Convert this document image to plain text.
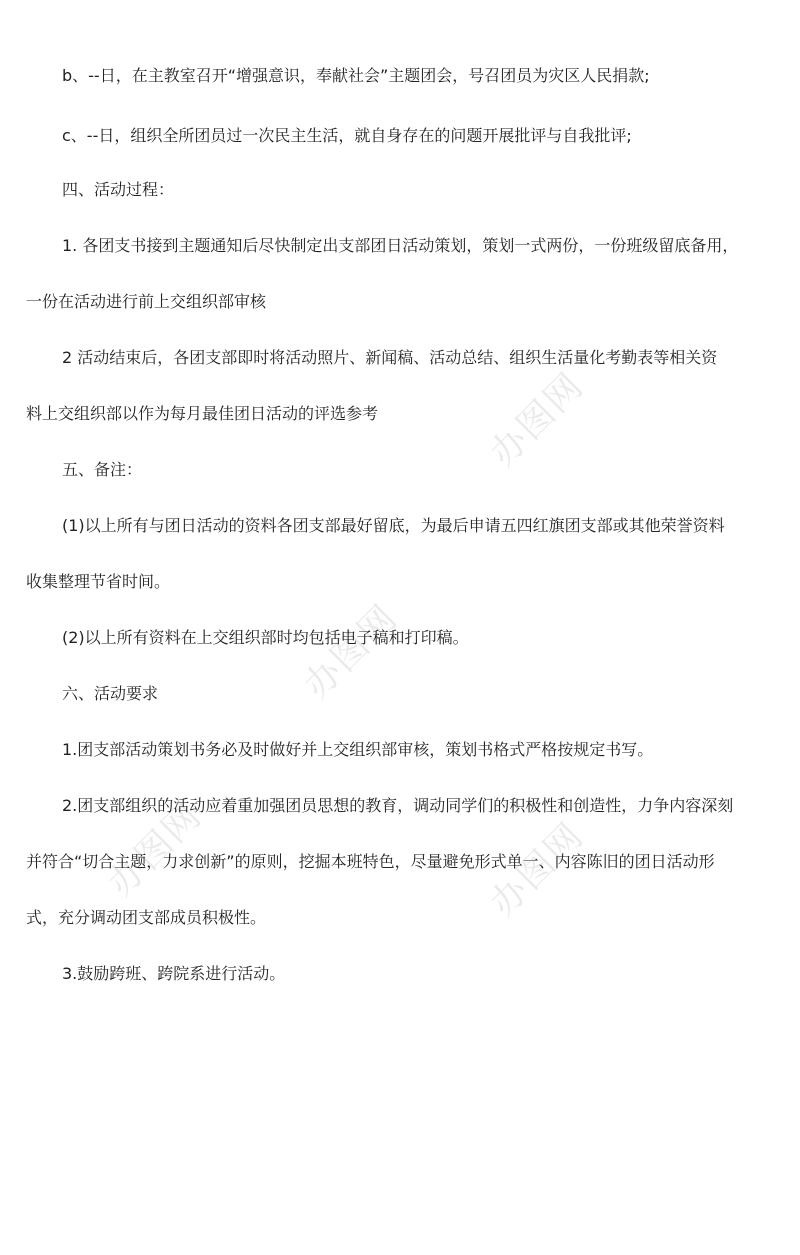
办图网
办图网
办图网	办图网
b、--日，在主教室召开“增强意识，奉献社会”主题团会，号召团员为灾区人民捐款;
c、--日，组织全所团员过一次民主生活，就自身存在的问题开展批评与自我批评;
四、活动过程：
1. 各团支书接到主题通知后尽快制定出支部团日活动策划，策划一式两份，一份班级留底备用，
一份在活动进行前上交组织部审核
2 活动结束后，各团支部即时将活动照片、新闻稿、活动总结、组织生活量化考勤表等相关资
料上交组织部以作为每月最佳团日活动的评选参考
五、备注：
(1)以上所有与团日活动的资料各团支部最好留底，为最后申请五四红旗团支部或其他荣誉资料
收集整理节省时间。
(2)以上所有资料在上交组织部时均包括电子稿和打印稿。
六、活动要求
1.团支部活动策划书务必及时做好并上交组织部审核，策划书格式严格按规定书写。
2.团支部组织的活动应着重加强团员思想的教育，调动同学们的积极性和创造性，力争内容深刻
并符合“切合主题，力求创新”的原则，挖掘本班特色，尽量避免形式单一、内容陈旧的团日活动形
式，充分调动团支部成员积极性。
3.鼓励跨班、跨院系进行活动。
